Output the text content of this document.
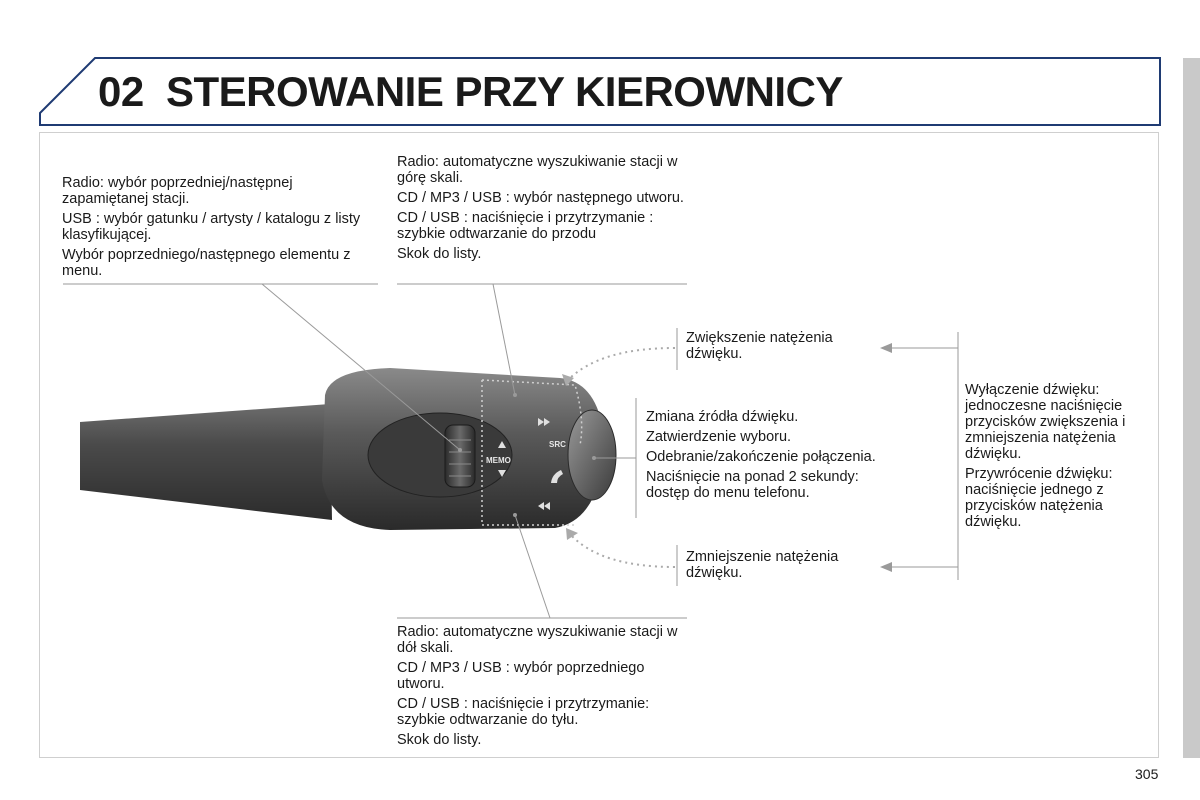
02 STEROWANIE PRZY KIEROWNICY
MEMO
SRC

Radio: wybór poprzedniej/następnej zapamiętanej stacji.

USB : wybór gatunku / artysty / katalogu z listy klasyfikującej.

Wybór poprzedniego/następnego elementu z menu.

Radio: automatyczne wyszukiwanie stacji w górę skali.

CD / MP3 / USB : wybór następnego utworu.

CD / USB : naciśnięcie i przytrzymanie : szybkie odtwarzanie do przodu

Skok do listy.

Zwiększenie natężenia dźwięku.

Zmiana źródła dźwięku.

Zatwierdzenie wyboru.

Odebranie/zakończenie połączenia.

Naciśnięcie na ponad 2 sekundy: dostęp do menu telefonu.

Zmniejszenie natężenia dźwięku.

Wyłączenie dźwięku: jednoczesne naciśnięcie przycisków zwiększenia i zmniejszenia natężenia dźwięku.

Przywrócenie dźwięku: naciśnięcie jednego z przycisków natężenia dźwięku.

Radio: automatyczne wyszukiwanie stacji w dół skali.

CD / MP3 / USB : wybór poprzedniego utworu.

CD / USB : naciśnięcie i przytrzymanie: szybkie odtwarzanie do tyłu.

Skok do listy.

305
